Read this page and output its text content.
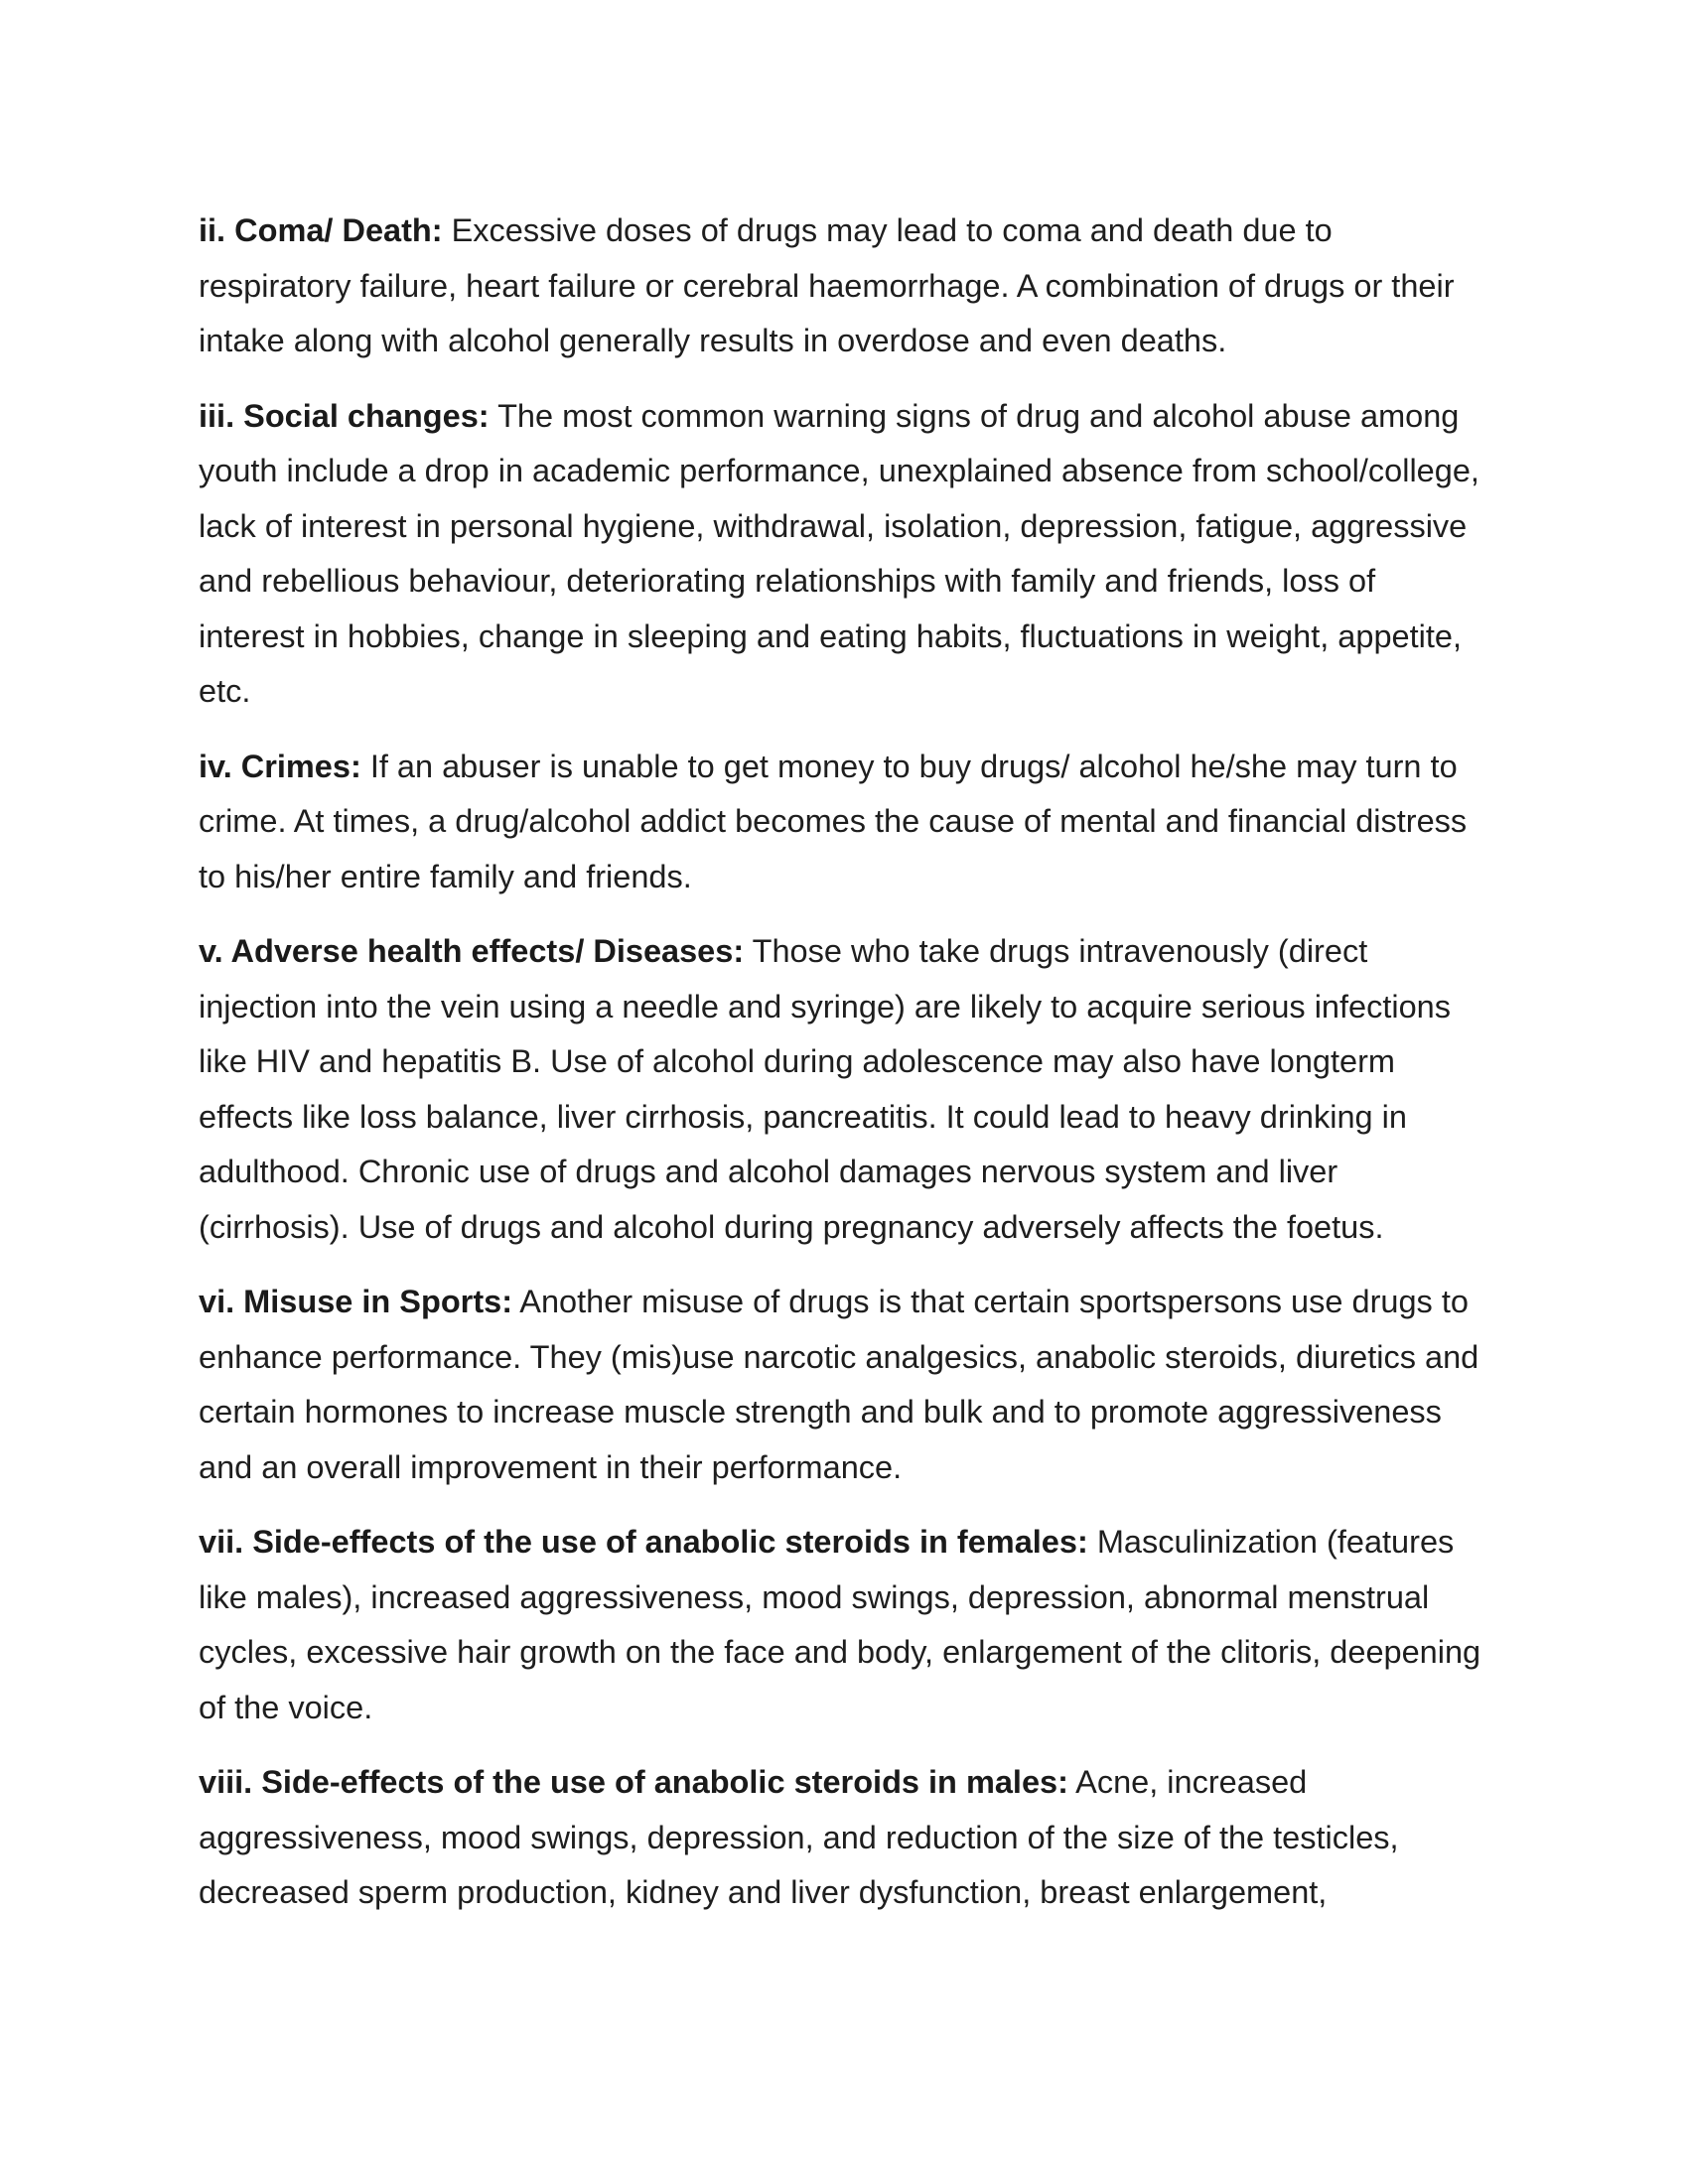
ii. Coma/ Death: Excessive doses of drugs may lead to coma and death due to respiratory failure, heart failure or cerebral haemorrhage. A combination of drugs or their intake along with alcohol generally results in overdose and even deaths.

iii. Social changes: The most common warning signs of drug and alcohol abuse among youth include a drop in academic performance, unexplained absence from school/college, lack of interest in personal hygiene, withdrawal, isolation, depression, fatigue, aggressive and rebellious behaviour, deteriorating relationships with family and friends, loss of interest in hobbies, change in sleeping and eating habits, fluctuations in weight, appetite, etc.

iv. Crimes: If an abuser is unable to get money to buy drugs/ alcohol he/she may turn to crime. At times, a drug/alcohol addict becomes the cause of mental and financial distress to his/her entire family and friends.

v. Adverse health effects/ Diseases: Those who take drugs intravenously (direct injection into the vein using a needle and syringe) are likely to acquire serious infections like HIV and hepatitis B. Use of alcohol during adolescence may also have longterm effects like loss balance, liver cirrhosis, pancreatitis. It could lead to heavy drinking in adulthood. Chronic use of drugs and alcohol damages nervous system and liver (cirrhosis). Use of drugs and alcohol during pregnancy adversely affects the foetus.

vi. Misuse in Sports: Another misuse of drugs is that certain sportspersons use drugs to enhance performance. They (mis)use narcotic analgesics, anabolic steroids, diuretics and certain hormones to increase muscle strength and bulk and to promote aggressiveness and an overall improvement in their performance.

vii. Side-effects of the use of anabolic steroids in females: Masculinization (features like males), increased aggressiveness, mood swings, depression, abnormal menstrual cycles, excessive hair growth on the face and body, enlargement of the clitoris, deepening of the voice.

viii. Side-effects of the use of anabolic steroids in males: Acne, increased aggressiveness, mood swings, depression, and reduction of the size of the testicles, decreased sperm production, kidney and liver dysfunction, breast enlargement,
